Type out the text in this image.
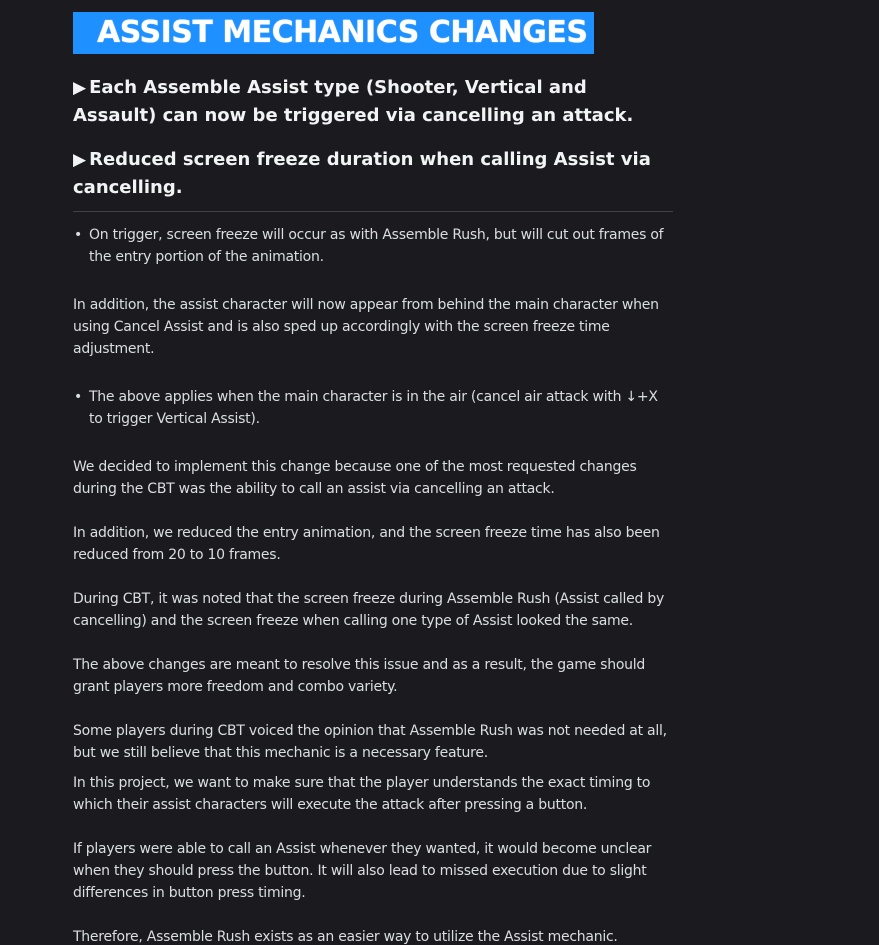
ASSIST MECHANICS CHANGES

▶ Each Assemble Assist type (Shooter, Vertical and Assault) can now be triggered via cancelling an attack.

▶ Reduced screen freeze duration when calling Assist via cancelling.

• On trigger, screen freeze will occur as with Assemble Rush, but will cut out frames of the entry portion of the animation.

In addition, the assist character will now appear from behind the main character when using Cancel Assist and is also sped up accordingly with the screen freeze time adjustment.

• The above applies when the main character is in the air (cancel air attack with ↓+X to trigger Vertical Assist).

We decided to implement this change because one of the most requested changes during the CBT was the ability to call an assist via cancelling an attack.

In addition, we reduced the entry animation, and the screen freeze time has also been reduced from 20 to 10 frames.

During CBT, it was noted that the screen freeze during Assemble Rush (Assist called by cancelling) and the screen freeze when calling one type of Assist looked the same.

The above changes are meant to resolve this issue and as a result, the game should grant players more freedom and combo variety.

Some players during CBT voiced the opinion that Assemble Rush was not needed at all, but we still believe that this mechanic is a necessary feature.

In this project, we want to make sure that the player understands the exact timing to which their assist characters will execute the attack after pressing a button.

If players were able to call an Assist whenever they wanted, it would become unclear when they should press the button. It will also lead to missed execution due to slight differences in button press timing.

Therefore, Assemble Rush exists as an easier way to utilize the Assist mechanic.
